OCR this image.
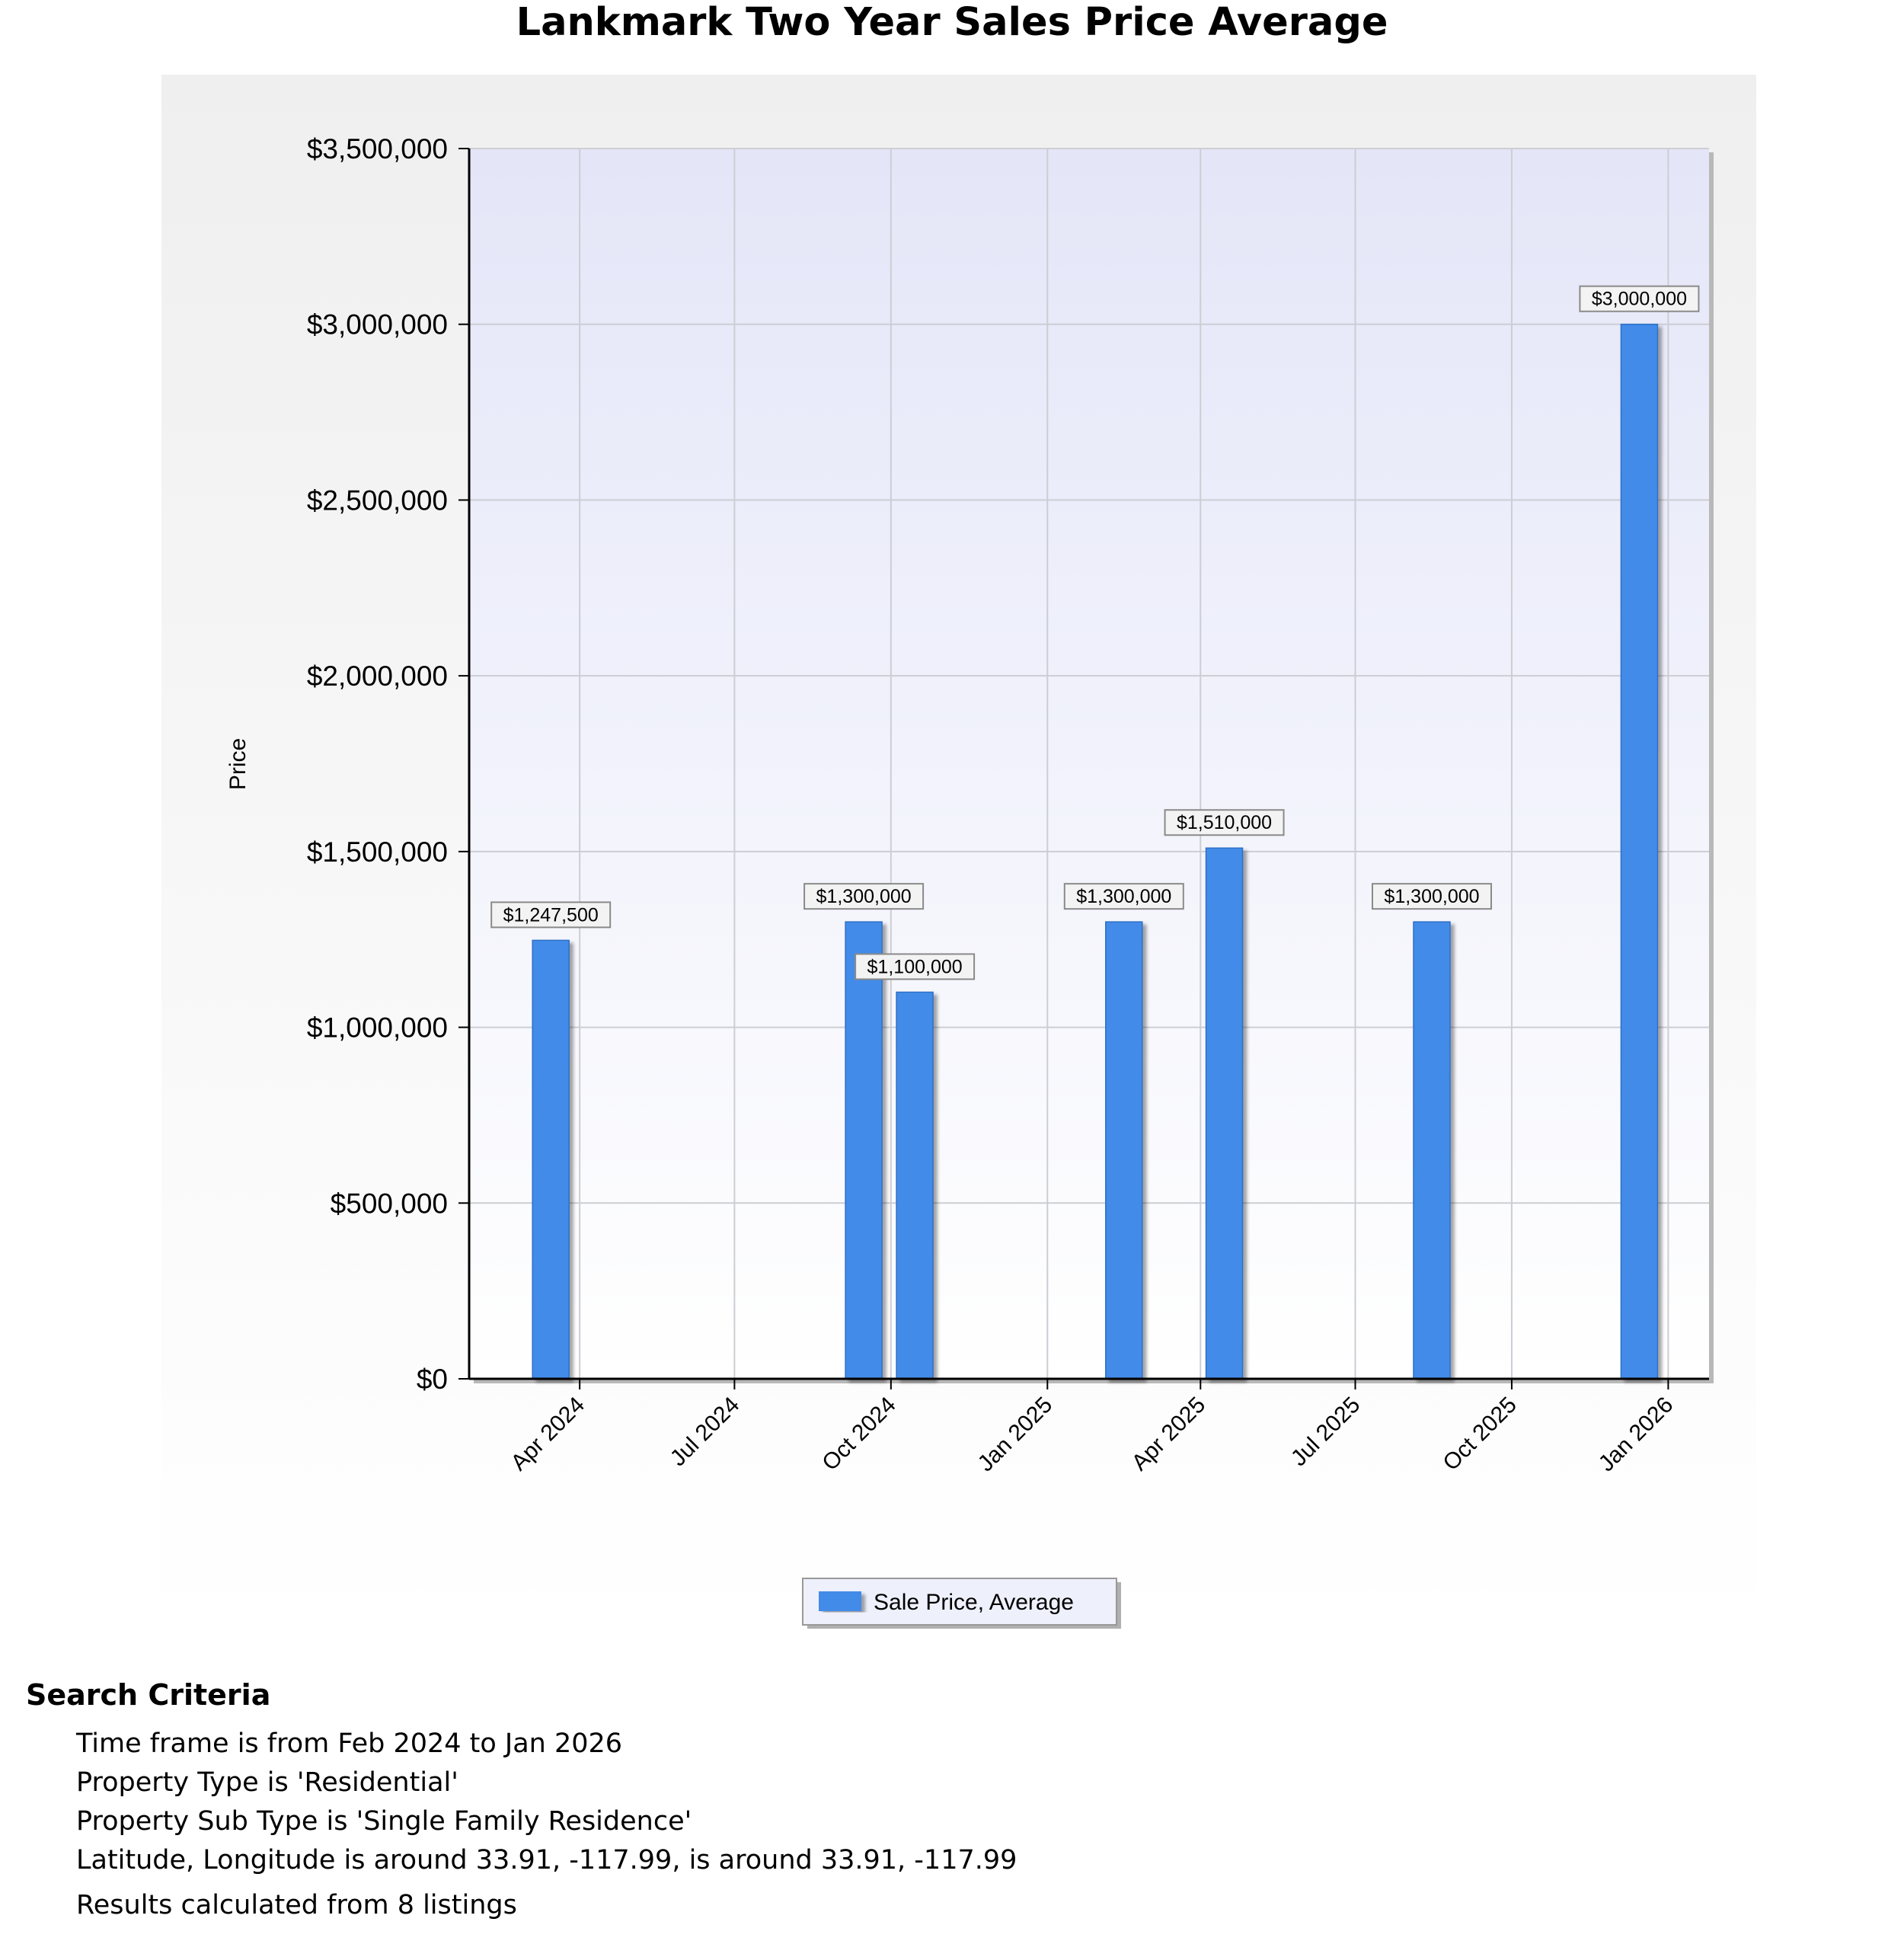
Lankmark Two Year Sales Price Average
$0
$500,000
$1,000,000
$1,500,000
$2,000,000
$2,500,000
$3,000,000
$3,500,000
Apr 2024	Jul 2024	Oct 2024	Jan 2025	Apr 2025	Jul 2025	Oct 2025	Jan 2026
$1,247,500
$1,300,000
$1,100,000
$1,300,000
$1,510,000
$1,300,000
$3,000,000
Price
Sale Price, Average
Search Criteria
Time frame is from Feb 2024 to Jan 2026
Property Type is 'Residential'
Property Sub Type is 'Single Family Residence'
Latitude, Longitude is around 33.91, -117.99, is around 33.91, -117.99
Results calculated from 8 listings
